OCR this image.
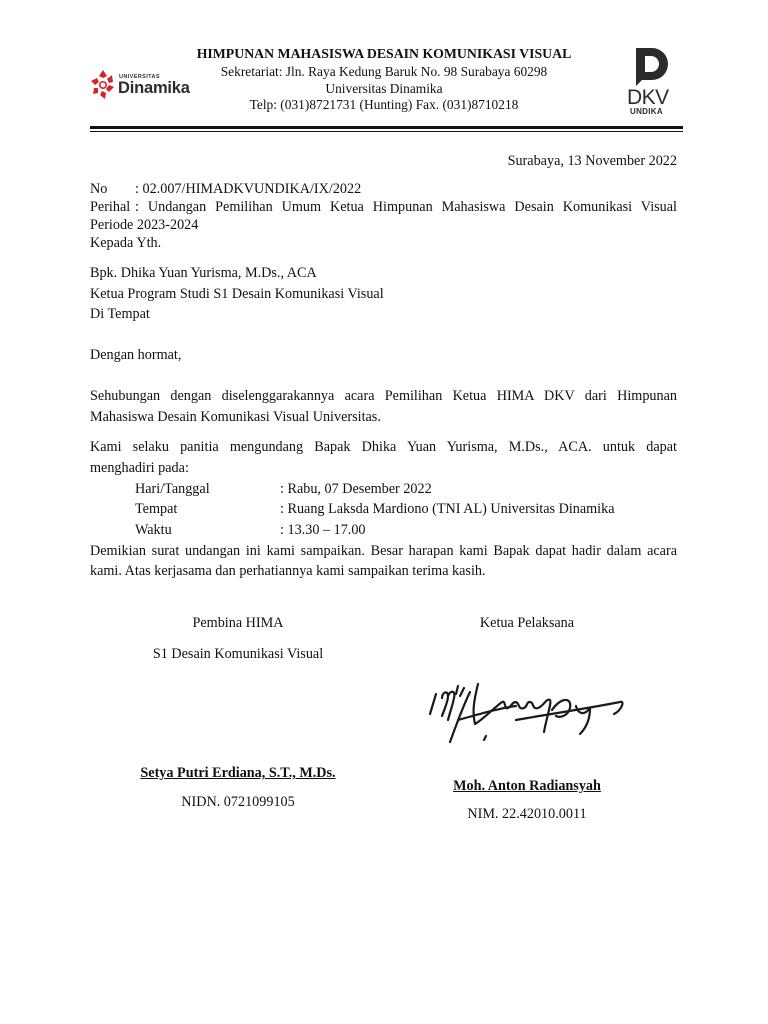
UNIVERSITAS
Dinamika
HIMPUNAN MAHASISWA DESAIN KOMUNIKASI VISUAL
Sekretariat: Jln. Raya Kedung Baruk No. 98 Surabaya 60298
Universitas Dinamika
Telp: (031)8721731 (Hunting) Fax. (031)8710218	DKV
UNDIKA
Surabaya, 13 November 2022
No : 02.007/HIMADKVUNDIKA/IX/2022
Perihal : Undangan Pemilihan Umum Ketua Himpunan Mahasiswa Desain Komunikasi Visual
Periode 2023-2024
Kepada Yth.
Bpk. Dhika Yuan Yurisma, M.Ds., ACA
Ketua Program Studi S1 Desain Komunikasi Visual
Di Tempat
Dengan hormat,
Sehubungan dengan diselenggarakannya acara Pemilihan Ketua HIMA DKV dari Himpunan
Mahasiswa Desain Komunikasi Visual Universitas.
Kami selaku panitia mengundang Bapak Dhika Yuan Yurisma, M.Ds., ACA. untuk dapat
menghadiri pada:
Hari/Tanggal	: Rabu, 07 Desember 2022
Tempat	: Ruang Laksda Mardiono (TNI AL) Universitas Dinamika
Waktu	: 13.30 – 17.00
Demikian surat undangan ini kami sampaikan. Besar harapan kami Bapak dapat hadir dalam acara
kami. Atas kerjasama dan perhatiannya kami sampaikan terima kasih.
Pembina HIMA
S1 Desain Komunikasi Visual
Setya Putri Erdiana, S.T., M.Ds.
NIDN. 0721099105
Ketua Pelaksana
Moh. Anton Radiansyah
NIM. 22.42010.0011
